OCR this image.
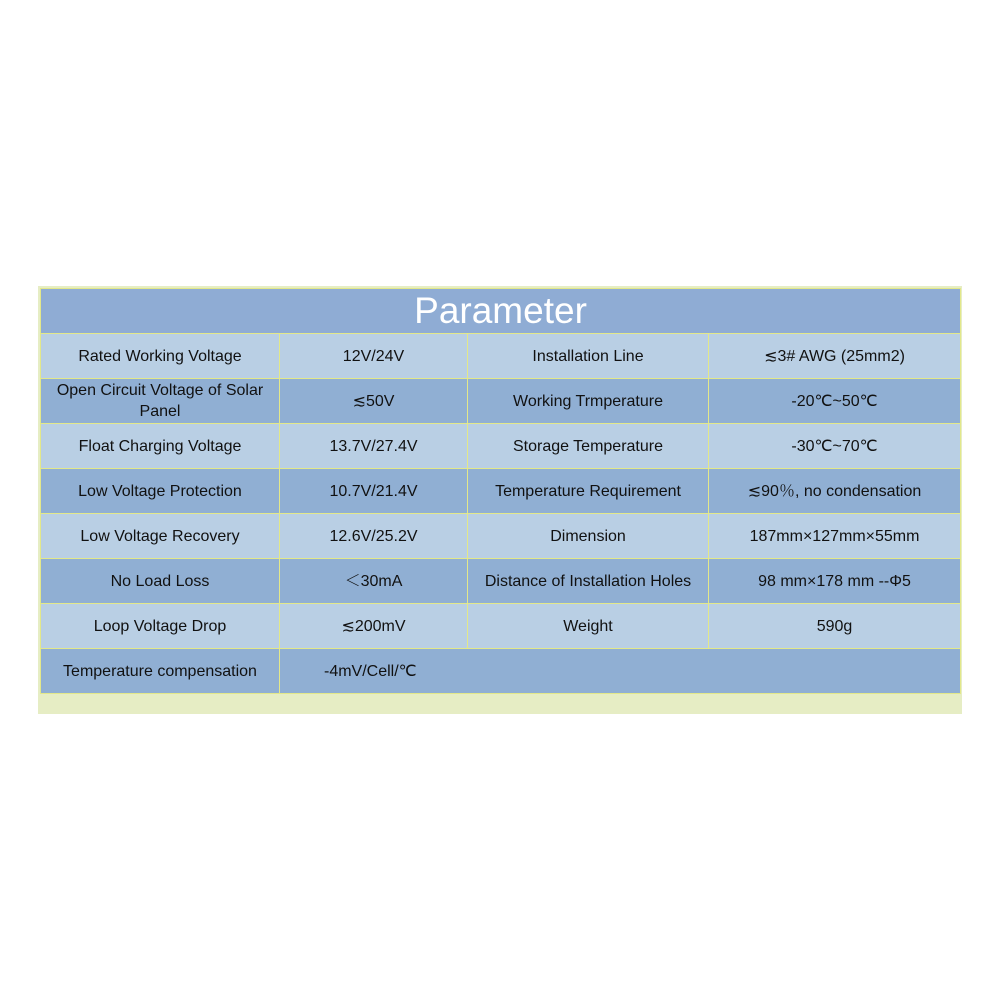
Parameter			
Rated Working Voltage	12V/24V	Installation Line	≲3# AWG (25mm2)
Open Circuit Voltage of Solar Panel	≲50V	Working Trmperature	-20℃~50℃
Float Charging Voltage	13.7V/27.4V	Storage Temperature	-30℃~70℃
Low Voltage Protection	10.7V/21.4V	Temperature Requirement	≲90％, no condensation
Low Voltage Recovery	12.6V/25.2V	Dimension	187mm×127mm×55mm
No Load Loss	＜30mA	Distance of Installation Holes	98 mm×178 mm --Φ5
Loop Voltage Drop	≲200mV	Weight	590g
Temperature compensation	-4mV/Cell/℃		
